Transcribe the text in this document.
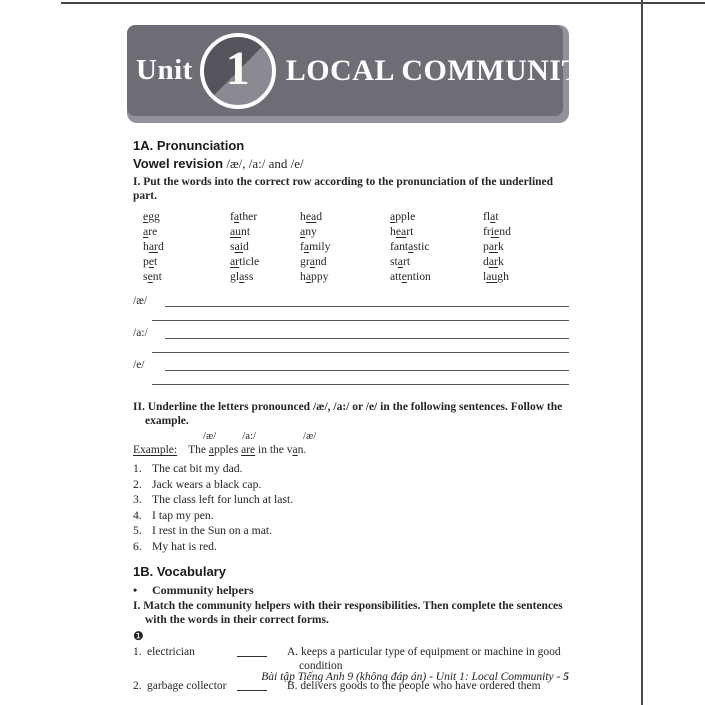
Unit 1 LOCAL COMMUNITY

1A. Pronunciation

Vowel revision /æ/, /a:/ and /e/

I. Put the words into the correct row according to the pronunciation of the underlined part.

egg	father	head	apple	flat
are	aunt	any	heart	friend
hard	said	family	fantastic	park
pet	article	grand	start	dark
sent	glass	happy	attention	laugh
/æ/
/a:/
/e/

II. Underline the letters pronounced /æ/, /a:/ or /e/ in the following sentences. Follow the

example.

/æ/ /a:/	/æ/
Example: The apples are in the van.
1. The cat bit my dad.
2. Jack wears a black cap.
3. The class left for lunch at last.
4. I tap my pen.
5. I rest in the Sun on a mat.
6. My hat is red.

1B. Vocabulary

•	Community helpers

I. Match the community helpers with their responsibilities. Then complete the sentences

with the words in their correct forms.

❶
1. electrician	A. keeps a particular type of equipment or machine in good
condition
2. garbage collector	B. delivers goods to the people who have ordered them
Bài tập Tiếng Anh 9 (không đáp án) - Unit 1: Local Community - 5
